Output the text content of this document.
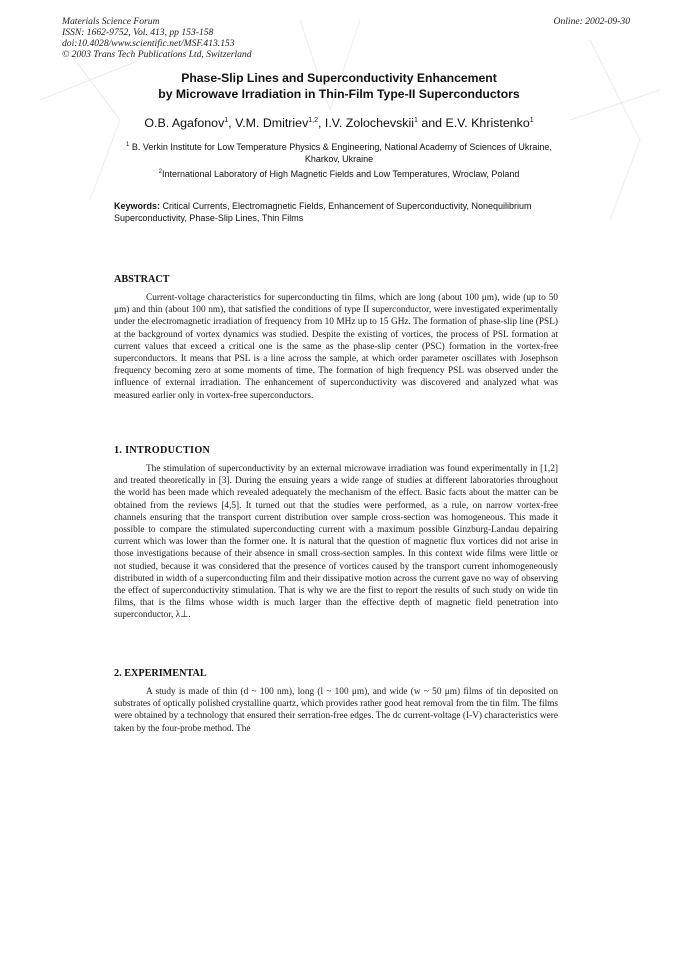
Materials Science Forum
ISSN: 1662-9752, Vol. 413, pp 153-158
doi:10.4028/www.scientific.net/MSF.413.153
© 2003 Trans Tech Publications Ltd, Switzerland
Online: 2002-09-30
Phase-Slip Lines and Superconductivity Enhancement
by Microwave Irradiation in Thin-Film Type-II Superconductors
O.B. Agafonov$^1$, V.M. Dmitriev$^{1,2}$, I.V. Zolochevskii$^1$ and E.V. Khristenko$^1$
$^1$ B. Verkin Institute for Low Temperature Physics & Engineering, National Academy of Sciences of Ukraine, Kharkov, Ukraine
$^2$International Laboratory of High Magnetic Fields and Low Temperatures, Wroclaw, Poland
Keywords: Critical Currents, Electromagnetic Fields, Enhancement of Superconductivity, Nonequilibrium Superconductivity, Phase-Slip Lines, Thin Films
ABSTRACT

Current-voltage characteristics for superconducting tin films, which are long (about 100 μm), wide (up to 50 μm) and thin (about 100 nm), that satisfied the conditions of type II superconductor, were investigated experimentally under the electromagnetic irradiation of frequency from 10 MHz up to 15 GHz. The formation of phase-slip line (PSL) at the background of vortex dynamics was studied. Despite the existing of vortices, the process of PSL formation at current values that exceed a critical one is the same as the phase-slip center (PSC) formation in the vortex-free superconductors. It means that PSL is a line across the sample, at which order parameter oscillates with Josephson frequency becoming zero at some moments of time. The formation of high frequency PSL was observed under the influence of external irradiation. The enhancement of superconductivity was discovered and analyzed what was measured earlier only in vortex-free superconductors.

1. INTRODUCTION

The stimulation of superconductivity by an external microwave irradiation was found experimentally in [1,2] and treated theoretically in [3]. During the ensuing years a wide range of studies at different laboratories throughout the world has been made which revealed adequately the mechanism of the effect. Basic facts about the matter can be obtained from the reviews [4,5]. It turned out that the studies were performed, as a rule, on narrow vortex-free channels ensuring that the transport current distribution over sample cross-section was homogeneous. This made it possible to compare the stimulated superconducting current with a maximum possible Ginzburg-Landau depairing current which was lower than the former one. It is natural that the question of magnetic flux vortices did not arise in those investigations because of their absence in small cross-section samples. In this context wide films were little or not studied, because it was considered that the presence of vortices caused by the transport current inhomogeneously distributed in width of a superconducting film and their dissipative motion across the current gave no way of observing the effect of superconductivity stimulation. That is why we are the first to report the results of such study on wide tin films, that is the films whose width is much larger than the effective depth of magnetic field penetration into superconductor, λ⊥.

2. EXPERIMENTAL

A study is made of thin (d ~ 100 nm), long (l ~ 100 μm), and wide (w ~ 50 μm) films of tin deposited on substrates of optically polished crystalline quartz, which provides rather good heat removal from the tin film. The films were obtained by a technology that ensured their serration-free edges. The dc current-voltage (I-V) characteristics were taken by the four-probe method. The
